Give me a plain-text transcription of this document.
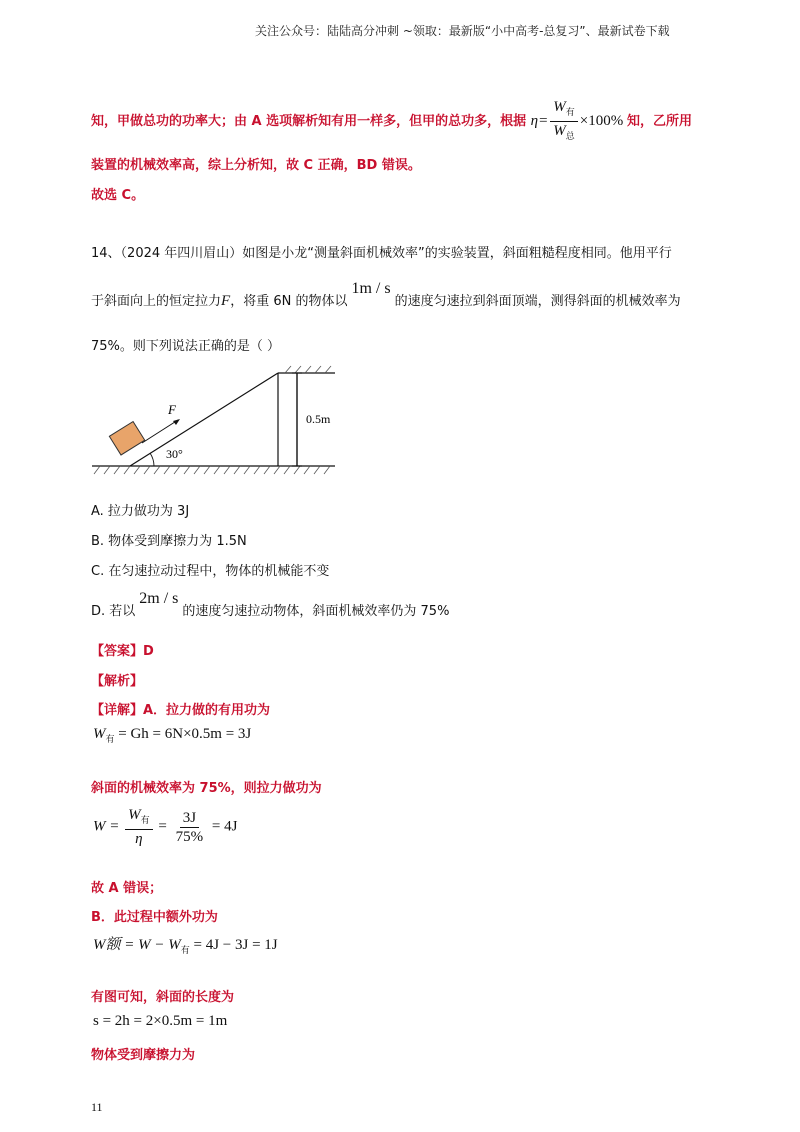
关注公众号：陆陆高分冲刺 ~领取：最新版“小中高考-总复习”、最新试卷下载
知，甲做总功的功率大；由 A 选项解析知有用一样多，但甲的总功多，根据 $\eta= \frac{W_有}{W_总} \times 100\%$ 知，乙所用
装置的机械效率高，综上分析知，故 C 正确，BD 错误。
故选 C。
14、（2024 年四川眉山）如图是小龙“测量斜面机械效率”的实验装置，斜面粗糙程度相同。他用平行
于斜面向上的恒定拉力F，将重 6N 的物体以1m / s的速度匀速拉到斜面顶端，测得斜面的机械效率为
75%。则下列说法正确的是（ ）
F
30°
0.5m
A. 拉力做功为 3J
B. 物体受到摩擦力为 1.5N
C. 在匀速拉动过程中，物体的机械能不变
D. 若以2m / s的速度匀速拉动物体，斜面机械效率仍为 75%
【答案】D
【解析】
【详解】A．拉力做的有用功为
$W_有 = Gh = 6N\times 0.5m = 3J$
斜面的机械效率为 75%，则拉力做功为
$W = \frac{W_有}{\eta} = \frac{3J}{75\%} = 4J$
故 A 错误；
B．此过程中额外功为
W额 = $W - W_有 = 4J - 3J = 1J$
有图可知，斜面的长度为
s = 2h = 2×0.5m = 1m
物体受到摩擦力为
11
